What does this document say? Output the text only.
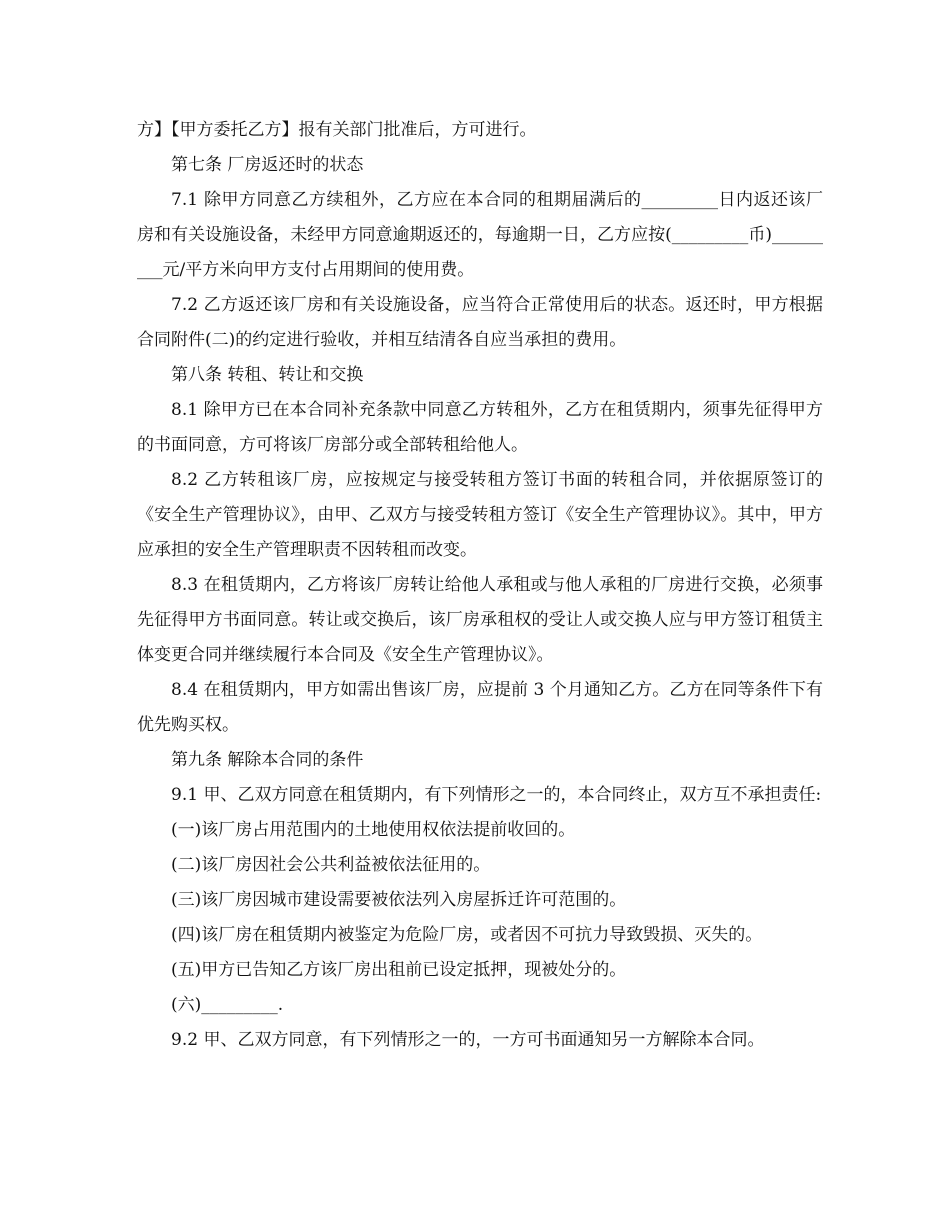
方】【甲方委托乙方】报有关部门批准后，方可进行。

第七条 厂房返还时的状态

7.1 除甲方同意乙方续租外，乙方应在本合同的租期届满后的_________日内返还该厂房和有关设施设备，未经甲方同意逾期返还的，每逾期一日，乙方应按(_________币)_________元/平方米向甲方支付占用期间的使用费。

7.2 乙方返还该厂房和有关设施设备，应当符合正常使用后的状态。返还时，甲方根据合同附件(二)的约定进行验收，并相互结清各自应当承担的费用。

第八条 转租、转让和交换

8.1 除甲方已在本合同补充条款中同意乙方转租外，乙方在租赁期内，须事先征得甲方的书面同意，方可将该厂房部分或全部转租给他人。

8.2 乙方转租该厂房，应按规定与接受转租方签订书面的转租合同，并依据原签订的《安全生产管理协议》，由甲、乙双方与接受转租方签订《安全生产管理协议》。其中，甲方应承担的安全生产管理职责不因转租而改变。

8.3 在租赁期内，乙方将该厂房转让给他人承租或与他人承租的厂房进行交换，必须事先征得甲方书面同意。转让或交换后，该厂房承租权的受让人或交换人应与甲方签订租赁主体变更合同并继续履行本合同及《安全生产管理协议》。

8.4 在租赁期内，甲方如需出售该厂房，应提前 3 个月通知乙方。乙方在同等条件下有优先购买权。

第九条 解除本合同的条件

9.1 甲、乙双方同意在租赁期内，有下列情形之一的，本合同终止，双方互不承担责任:

(一)该厂房占用范围内的土地使用权依法提前收回的。

(二)该厂房因社会公共利益被依法征用的。

(三)该厂房因城市建设需要被依法列入房屋拆迁许可范围的。

(四)该厂房在租赁期内被鉴定为危险厂房，或者因不可抗力导致毁损、灭失的。

(五)甲方已告知乙方该厂房出租前已设定抵押，现被处分的。

(六)_________.

9.2 甲、乙双方同意，有下列情形之一的，一方可书面通知另一方解除本合同。
